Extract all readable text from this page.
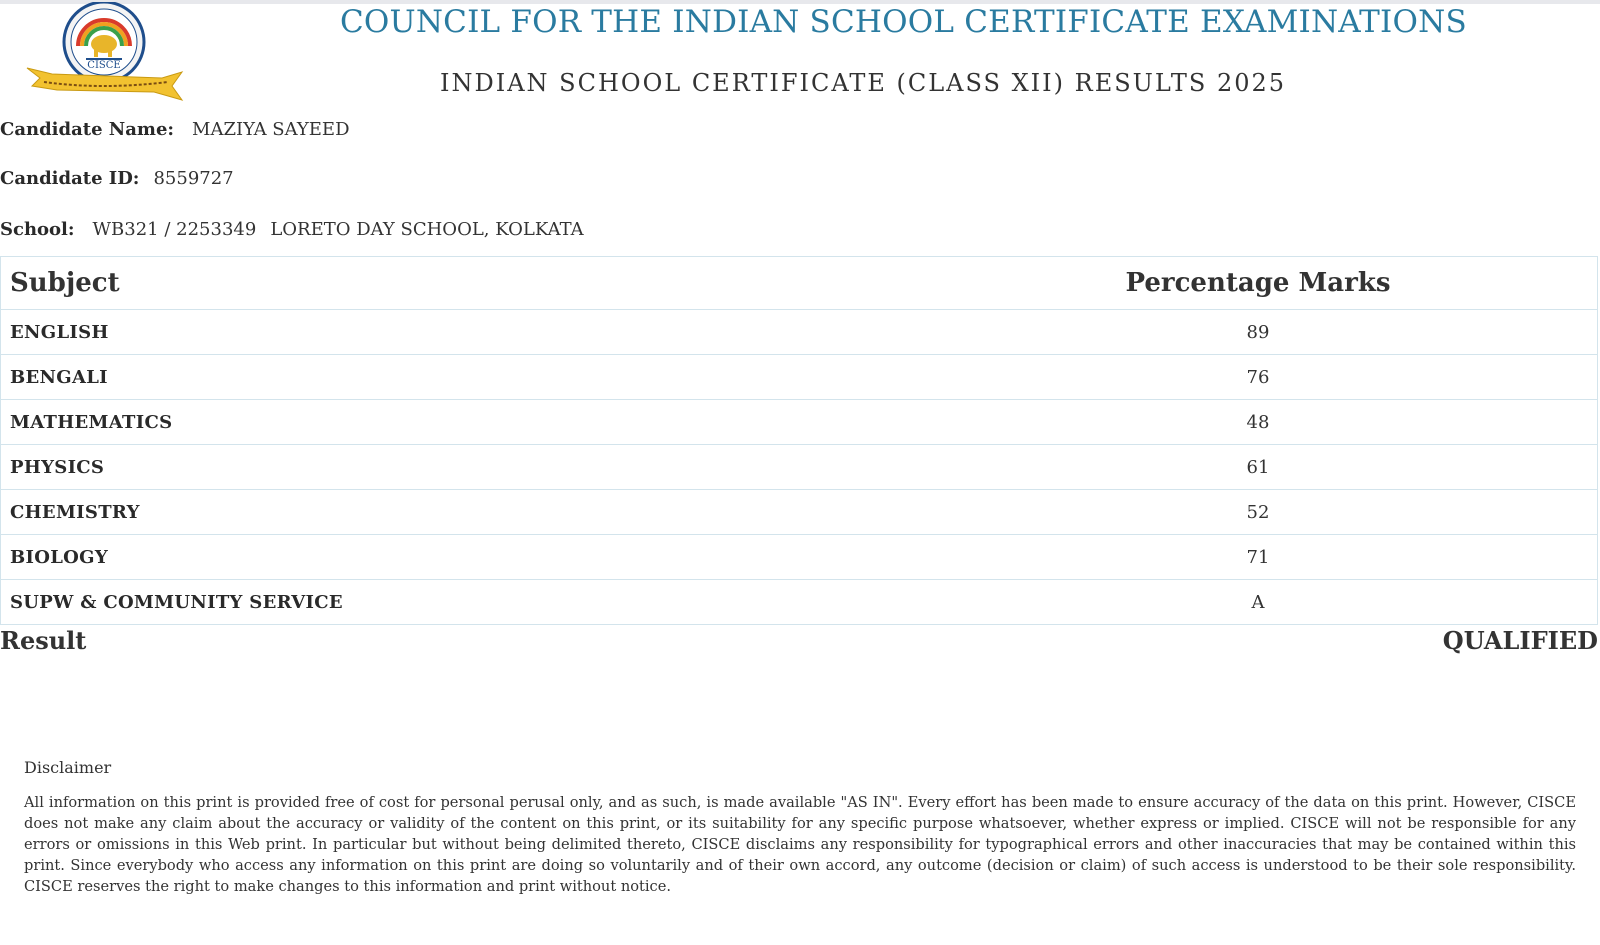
CISCE
COUNCIL FOR THE INDIAN SCHOOL CERTIFICATE EXAMINATIONS
INDIAN SCHOOL CERTIFICATE (CLASS XII) RESULTS 2025
Candidate Name: MAZIYA SAYEED
Candidate ID: 8559727
School: WB321 / 2253349 LORETO DAY SCHOOL, KOLKATA
Subject	Percentage Marks
ENGLISH	89
BENGALI	76
MATHEMATICS	48
PHYSICS	61
CHEMISTRY	52
BIOLOGY	71
SUPW & COMMUNITY SERVICE	A
Result	QUALIFIED
Disclaimer
All information on this print is provided free of cost for personal perusal only, and as such, is made available "AS IN". Every effort has been made to ensure accuracy of the data on this print. However, CISCE does not make any claim about the accuracy or validity of the content on this print, or its suitability for any specific purpose whatsoever, whether express or implied. CISCE will not be responsible for any errors or omissions in this Web print. In particular but without being delimited thereto, CISCE disclaims any responsibility for typographical errors and other inaccuracies that may be contained within this print. Since everybody who access any information on this print are doing so voluntarily and of their own accord, any outcome (decision or claim) of such access is understood to be their sole responsibility. CISCE reserves the right to make changes to this information and print without notice.
